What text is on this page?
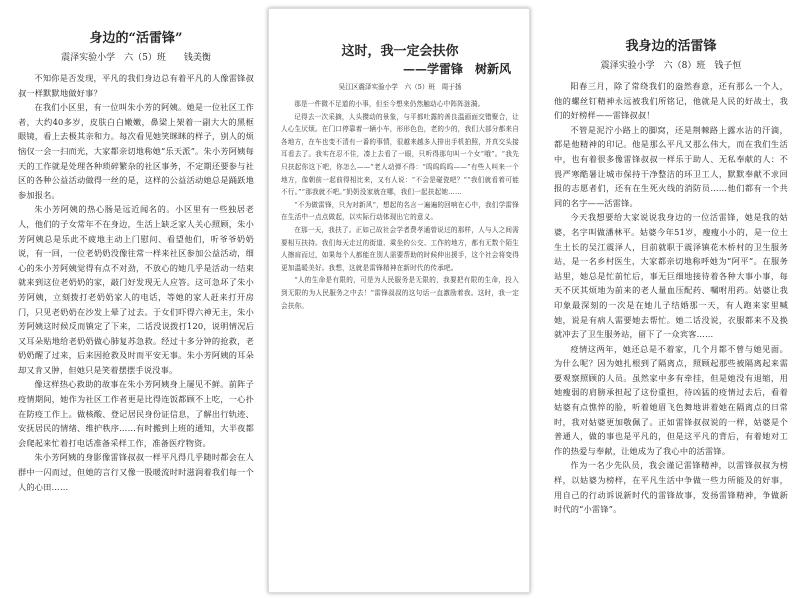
身边的“活雷锋”
震泽实验小学　六（5）班　　钱美衡

不知你是否发现，平凡的我们身边总有着平凡的人像雷锋叔叔一样默默地做好事？

在我们小区里，有一位叫朱小芳的阿姨。她是一位社区工作者，大约40多岁，皮肤白白嫩嫩，鼻梁上架着一副大大的黑框眼镜，看上去极其亲和力。每次看见她笑眯眯的样子，别人的烦恼仅一会一扫而光，大家都亲切地称她“乐天派”。朱小芳阿姨每天的工作就是处理各种琐碎繁杂的社区事务，不定期还要参与社区的各种公益活动做得一丝的是，这样的公益活动她总是踊跃地参加报名。

朱小芳阿姨的热心肠是远近闻名的。小区里有一些独居老人，他们的子女常年不在身边，生活上缺乏家人关心照顾，朱小芳阿姨总是乐此不疲地主动上门慰问、看望他们，听爷爷奶奶说，有一回，一位老奶奶没像往常一样来社区参加公益活动，细心的朱小芳阿姨觉得有点不对劲，不放心的她几乎是活动一结束就来到这位老奶奶的家，敲门好发现无人应答。这可急坏了朱小芳阿姨，立刻拨打老奶奶家人的电话，等她的家人赶来打开房门，只见老奶奶在沙发上晕了过去。于女们吓得六神无主，朱小芳阿姨这时候反而镇定了下来，二话没说拨打120，说明情况后又耳朵贴地给老奶奶做心肺复苏急救。经过十多分钟的抢救，老奶奶醒了过来，后来因抢救及时而平安无事。朱小芳阿姨的耳朵却又肯又肿，但她只是笑着摆摆手说没事。

像这样热心救助的故事在朱小芳阿姨身上屡见不鲜。前阵子疫情期间，她作为社区工作者更是比得连饭都顾不上吃，一心扑在防疫工作上。做核酸、登记居民身份证信息，了解出行轨迹、安抚居民的情绪、维护秩序……有时搬到上班的通知，大半夜都会爬起来忙着打电话准备采样工作，准备医疗物资。

朱小芳阿姨的身影像雷锋叔叔一样平凡得几乎随时都会在人群中一闪而过，但她的言行又像一股暖流时时滋润着我们每一个人的心田……

这时，我一定会扶你
——学雷锋　树新风
吴江区震泽实验小学　六（5）班　周于扬

那是一件微不足道的小事，但至今想来仍然触动心中阵阵涟漪。

记得去一次采摘，人头攒动的景象，与平都吐露的善良温画面交错聚合，让人心生厌烦。在门口停靠着一辆小车，形形色色，老的少的，我们大部分都来自各地方，在车也变不清有一番的事情，很越来越多人排出手机拍照，并真交头接耳看去了。我实在忍不住，凑上去看了一眼，只听得那句叫一个女“哦”。“我先只扶起你这下吧，你怎么——”老人动弹不得：“呜呜呜呜——”有些人叫来一个地方，像朝前一起前得相比来，又有人说：“不会是碰瓷吧？”“我们就看着可能不行。”“那我就不吧。”奶奶没家就在哪，我们一起扶起她……

“不为做雷锋，只为对新风”，想起的名言一遍遍的回响在心中，我们学雷锋在生活中一点点做起，以实际行动体现出它的意义。

在那一天，我扶了。正如己故社会学者费孝通曾说过的那样，人与人之间需要相互扶持。我们每天走过的街道、乘坐的公交、工作的地方，都有无数个陌生人擦肩而过，如果每个人都能在别人需要帮助的时候伸出援手，这个社会将变得更加温暖美好。我想，这就是雷锋精神在新时代的传承吧。

“人的生命是有限的，可是为人民服务是无限的，我要把有限的生命，投入到无限的为人民服务之中去！”雷锋叔叔的这句话一直激励着我。这时，我一定会扶你。

我身边的活雷锋
震泽实验小学　六（8）班　钱子恒

阳春三月，除了常绕我们的盎然春意，还有那么一个人，他的螺丝钉精神永远被我们所铭记，他就是人民的好战士，我们的好榜样——雷锋叔叔！

不管是泥泞小路上的脚窝，还是荆棘路上露水沾的汗滴，都是他精神的印记。他是那么平凡又那么伟大，而在我们生活中，也有着很多像雷锋叔叔一样乐于助人、无私奉献的人：不畏严寒酷暑让城市保持干净整洁的环卫工人，默默奉献不求回报的志愿者们，还有在生死火线的消防员……他们都有一个共同的名字——活雷锋。

今天我想要给大家说说我身边的一位活雷锋，她是我的姑婆，名字叫做潘林平。姑婆今年51岁，瘦瘦小小的，是一位土生土长的吴江震泽人，目前就职于震泽镇花木桥村的卫生服务站，是一名乡村医生，大家都亲切地称呼她为“阿平”。在服务站里，她总是忙前忙后，事无巨细地接待着各种大事小事，每天不厌其烦地为前来的老人量血压配药、嘱咐用药。姑婆让我印象最深刻的一次是在她儿子结婚那一天，有人跑来家里喊她，说是有病人需要她去帮忙。她二话没说，衣服都来不及换就冲去了卫生服务站，留下了一众宾客……

疫情这两年，她还总是不着家，几个月都不曾与她见面。为什么呢？因为她扎根到了隔离点，照顾起那些被隔离起来需要观察照顾的人员。虽然家中多有牵挂，但是她没有退缩，用她瘦弱的肩膀承担起了这份重担，待凶猛的疫情过去后，看着姑婆有点憔悴的脸，听着她眉飞色舞地讲着她在隔离点的日常时，我对姑婆更加敬佩了。正如雷锋叔叔说的一样，姑婆是个普通人，做的事也是平凡的，但是这平凡的背后，有着她对工作的热爱与奉献，让她成为了我心中的活雷锋。

作为一名少先队员，我会谨记雷锋精神，以雷锋叔叔为榜样，以姑婆为榜样，在平凡生活中争做一些力所能及的好事，用自己的行动诉说新时代的雷锋故事，发扬雷锋精神，争做新时代的“小雷锋”。
